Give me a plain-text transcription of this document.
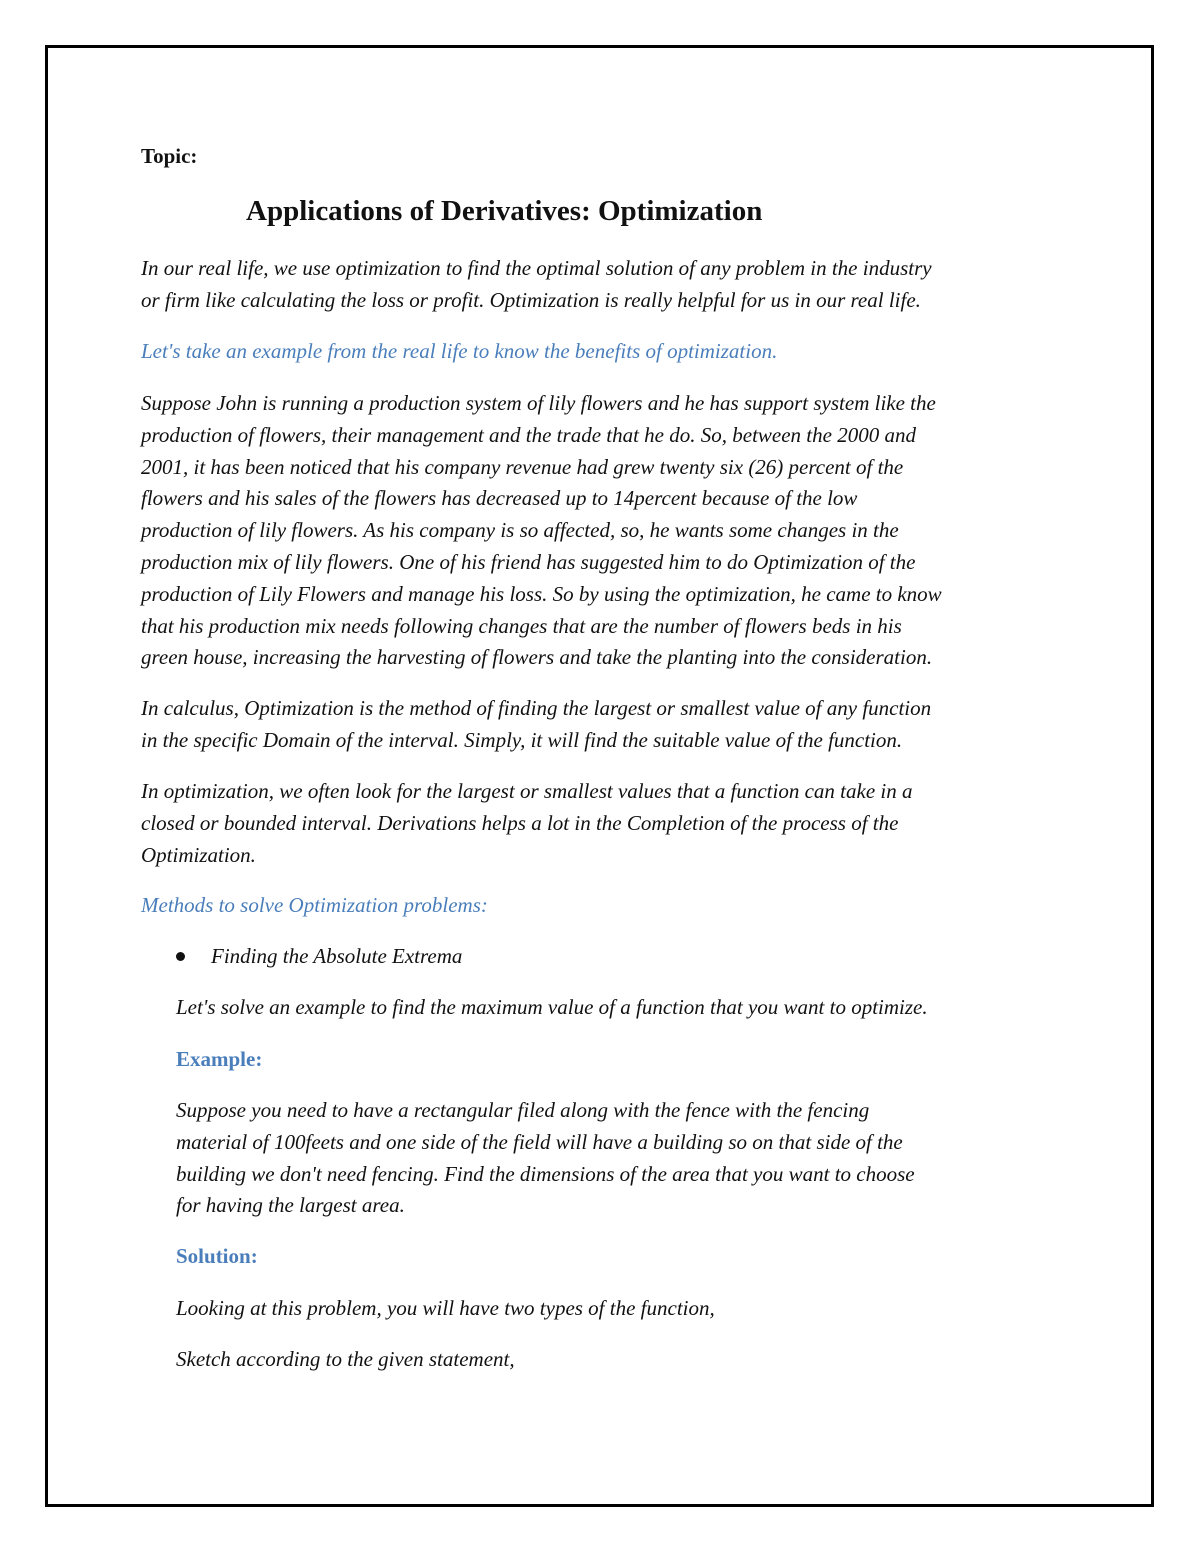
Topic:
Applications of Derivatives: Optimization
In our real life, we use optimization to find the optimal solution of any problem in the industry
or firm like calculating the loss or profit. Optimization is really helpful for us in our real life.
Let's take an example from the real life to know the benefits of optimization.
Suppose John is running a production system of lily flowers and he has support system like the
production of flowers, their management and the trade that he do. So, between the 2000 and
2001, it has been noticed that his company revenue had grew twenty six (26) percent of the
flowers and his sales of the flowers has decreased up to 14percent because of the low
production of lily flowers. As his company is so affected, so, he wants some changes in the
production mix of lily flowers. One of his friend has suggested him to do Optimization of the
production of Lily Flowers and manage his loss. So by using the optimization, he came to know
that his production mix needs following changes that are the number of flowers beds in his
green house, increasing the harvesting of flowers and take the planting into the consideration.
In calculus, Optimization is the method of finding the largest or smallest value of any function
in the specific Domain of the interval. Simply, it will find the suitable value of the function.
In optimization, we often look for the largest or smallest values that a function can take in a
closed or bounded interval. Derivations helps a lot in the Completion of the process of the
Optimization.
Methods to solve Optimization problems:
Finding the Absolute Extrema
Let's solve an example to find the maximum value of a function that you want to optimize.
Example:
Suppose you need to have a rectangular filed along with the fence with the fencing
material of 100feets and one side of the field will have a building so on that side of the
building we don't need fencing. Find the dimensions of the area that you want to choose
for having the largest area.
Solution:
Looking at this problem, you will have two types of the function,
Sketch according to the given statement,
